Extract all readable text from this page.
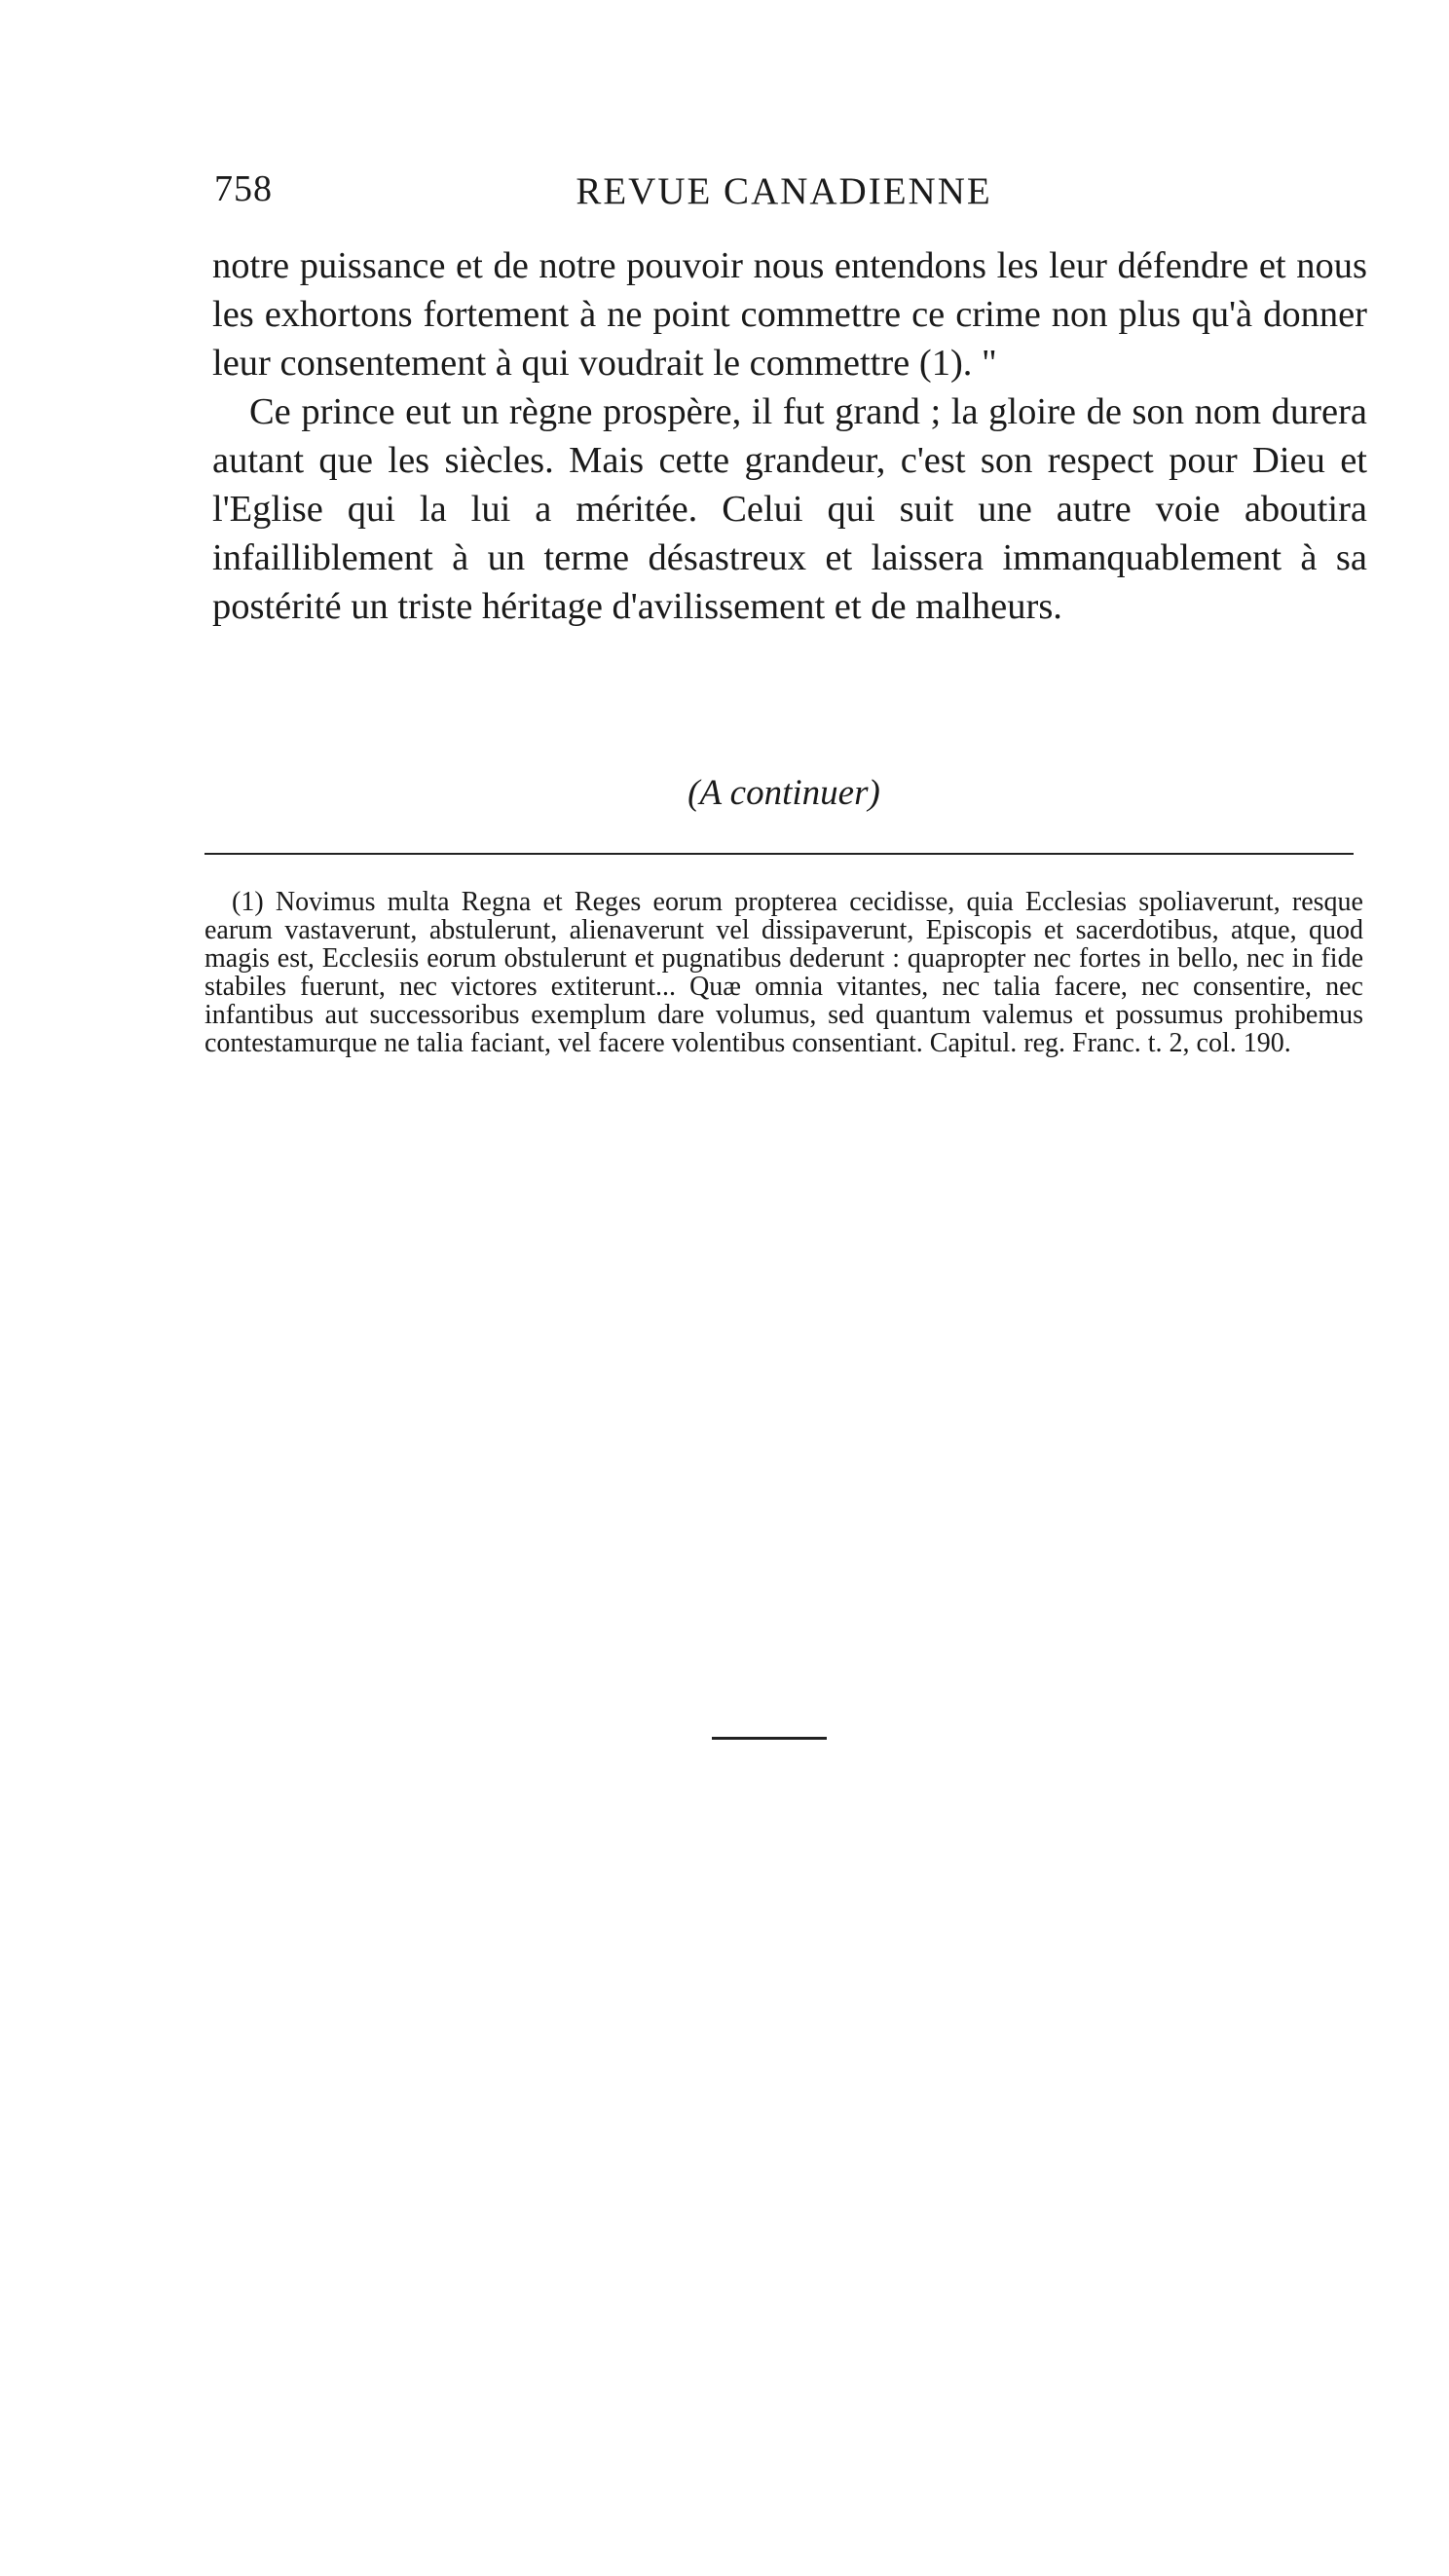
758	REVUE CANADIENNE

notre puissance et de notre pouvoir nous entendons les leur défendre et nous les exhortons fortement à ne point commettre ce crime non plus qu'à donner leur consentement à qui voudrait le commettre (1). "

Ce prince eut un règne prospère, il fut grand ; la gloire de son nom durera autant que les siècles. Mais cette grandeur, c'est son respect pour Dieu et l'Eglise qui la lui a méritée. Celui qui suit une autre voie aboutira infailliblement à un terme désastreux et laissera immanquablement à sa postérité un triste héritage d'avilissement et de malheurs.

(A continuer)

(1) Novimus multa Regna et Reges eorum propterea cecidisse, quia Ecclesias spoliaverunt, resque earum vastaverunt, abstulerunt, alienaverunt vel dissipaverunt, Episcopis et sacerdotibus, atque, quod magis est, Ecclesiis eorum obstulerunt et pugnatibus dederunt : quapropter nec fortes in bello, nec in fide stabiles fuerunt, nec victores extiterunt... Quæ omnia vitantes, nec talia facere, nec consentire, nec infantibus aut successoribus exemplum dare volumus, sed quantum valemus et possumus prohibemus contestamurque ne talia faciant, vel facere volentibus consentiant. Capitul. reg. Franc. t. 2, col. 190.
